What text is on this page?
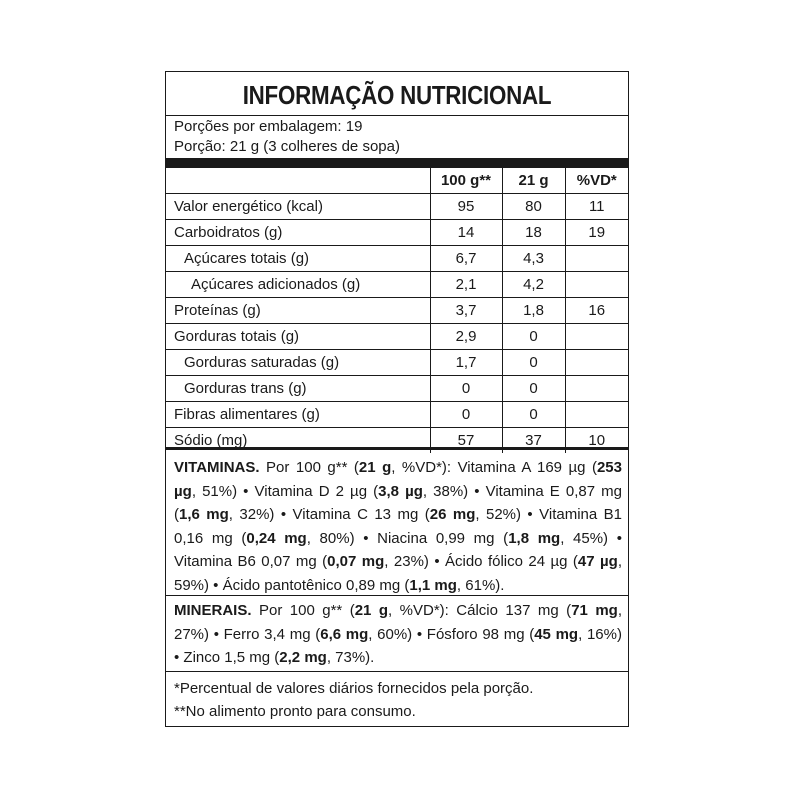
INFORMAÇÃO NUTRICIONAL
Porções por embalagem: 19
Porção: 21 g (3 colheres de sopa)
	100 g**	21 g	%VD*
Valor energético (kcal)	95	80	11
Carboidratos (g)	14	18	19
Açúcares totais (g)	6,7	4,3	
Açúcares adicionados (g)	2,1	4,2	
Proteínas (g)	3,7	1,8	16
Gorduras totais (g)	2,9	0	
Gorduras saturadas (g)	1,7	0	
Gorduras trans (g)	0	0	
Fibras alimentares (g)	0	0	
Sódio (mg)	57	37	10
VITAMINAS. Por 100 g** (21 g, %VD*): Vitamina A 169 µg (253 µg, 51%) • Vitamina D 2 µg (3,8 µg, 38%) • Vitamina E 0,87 mg (1,6 mg, 32%) • Vitamina C 13 mg (26 mg, 52%) • Vitamina B1 0,16 mg (0,24 mg, 80%) • Niacina 0,99 mg (1,8 mg, 45%) • Vitamina B6 0,07 mg (0,07 mg, 23%) • Ácido fólico 24 µg (47 µg, 59%) • Ácido pantotênico 0,89 mg (1,1 mg, 61%).
MINERAIS. Por 100 g** (21 g, %VD*): Cálcio 137 mg (71 mg, 27%) • Ferro 3,4 mg (6,6 mg, 60%) • Fósforo 98 mg (45 mg, 16%) • Zinco 1,5 mg (2,2 mg, 73%).
*Percentual de valores diários fornecidos pela porção.
**No alimento pronto para consumo.
